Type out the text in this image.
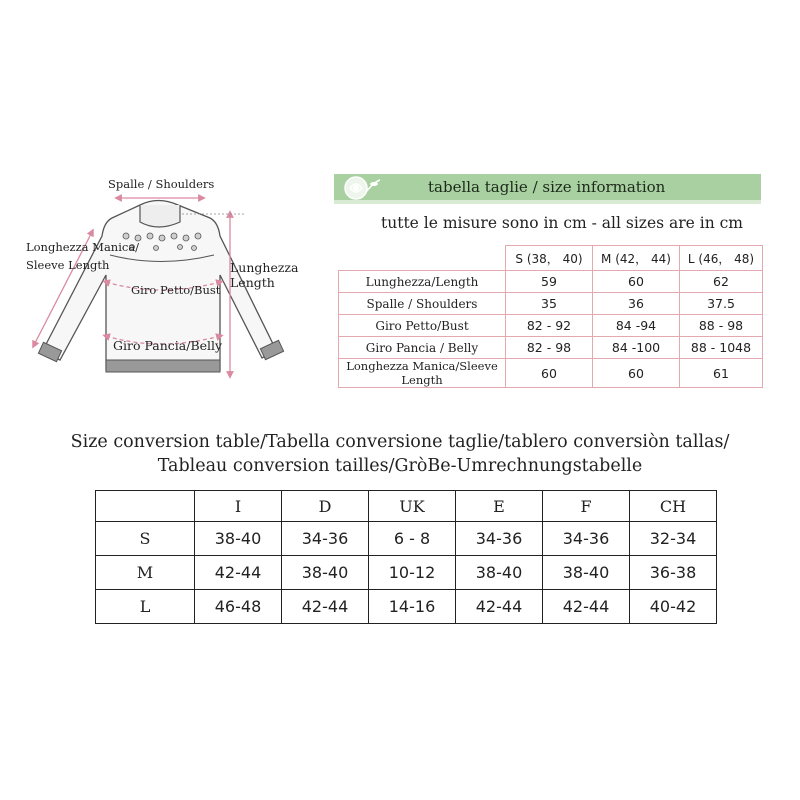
Spalle / Shoulders
Longhezza Manica/
Sleeve Length	Lunghezza
Length
Giro Petto/Bust
Giro Pancia/Belly
tabella taglie / size information
tutte le misure sono in cm - all sizes are in cm
	S (38， 40)	M (42， 44)	L (46， 48)
Lunghezza/Length	59	60	62
Spalle / Shoulders	35	36	37.5
Giro Petto/Bust	82 - 92	84 -94	88 - 98
Giro Pancia / Belly	82 - 98	84 -100	88 - 1048
Longhezza Manica/Sleeve Length	60	60	61
Size conversion table/Tabella conversione taglie/tablero conversiòn tallas/
Tableau conversion tailles/GròBe-Umrechnungstabelle
	I	D	UK	E	F	CH
S	38-40	34-36	6 - 8	34-36	34-36	32-34
M	42-44	38-40	10-12	38-40	38-40	36-38
L	46-48	42-44	14-16	42-44	42-44	40-42
